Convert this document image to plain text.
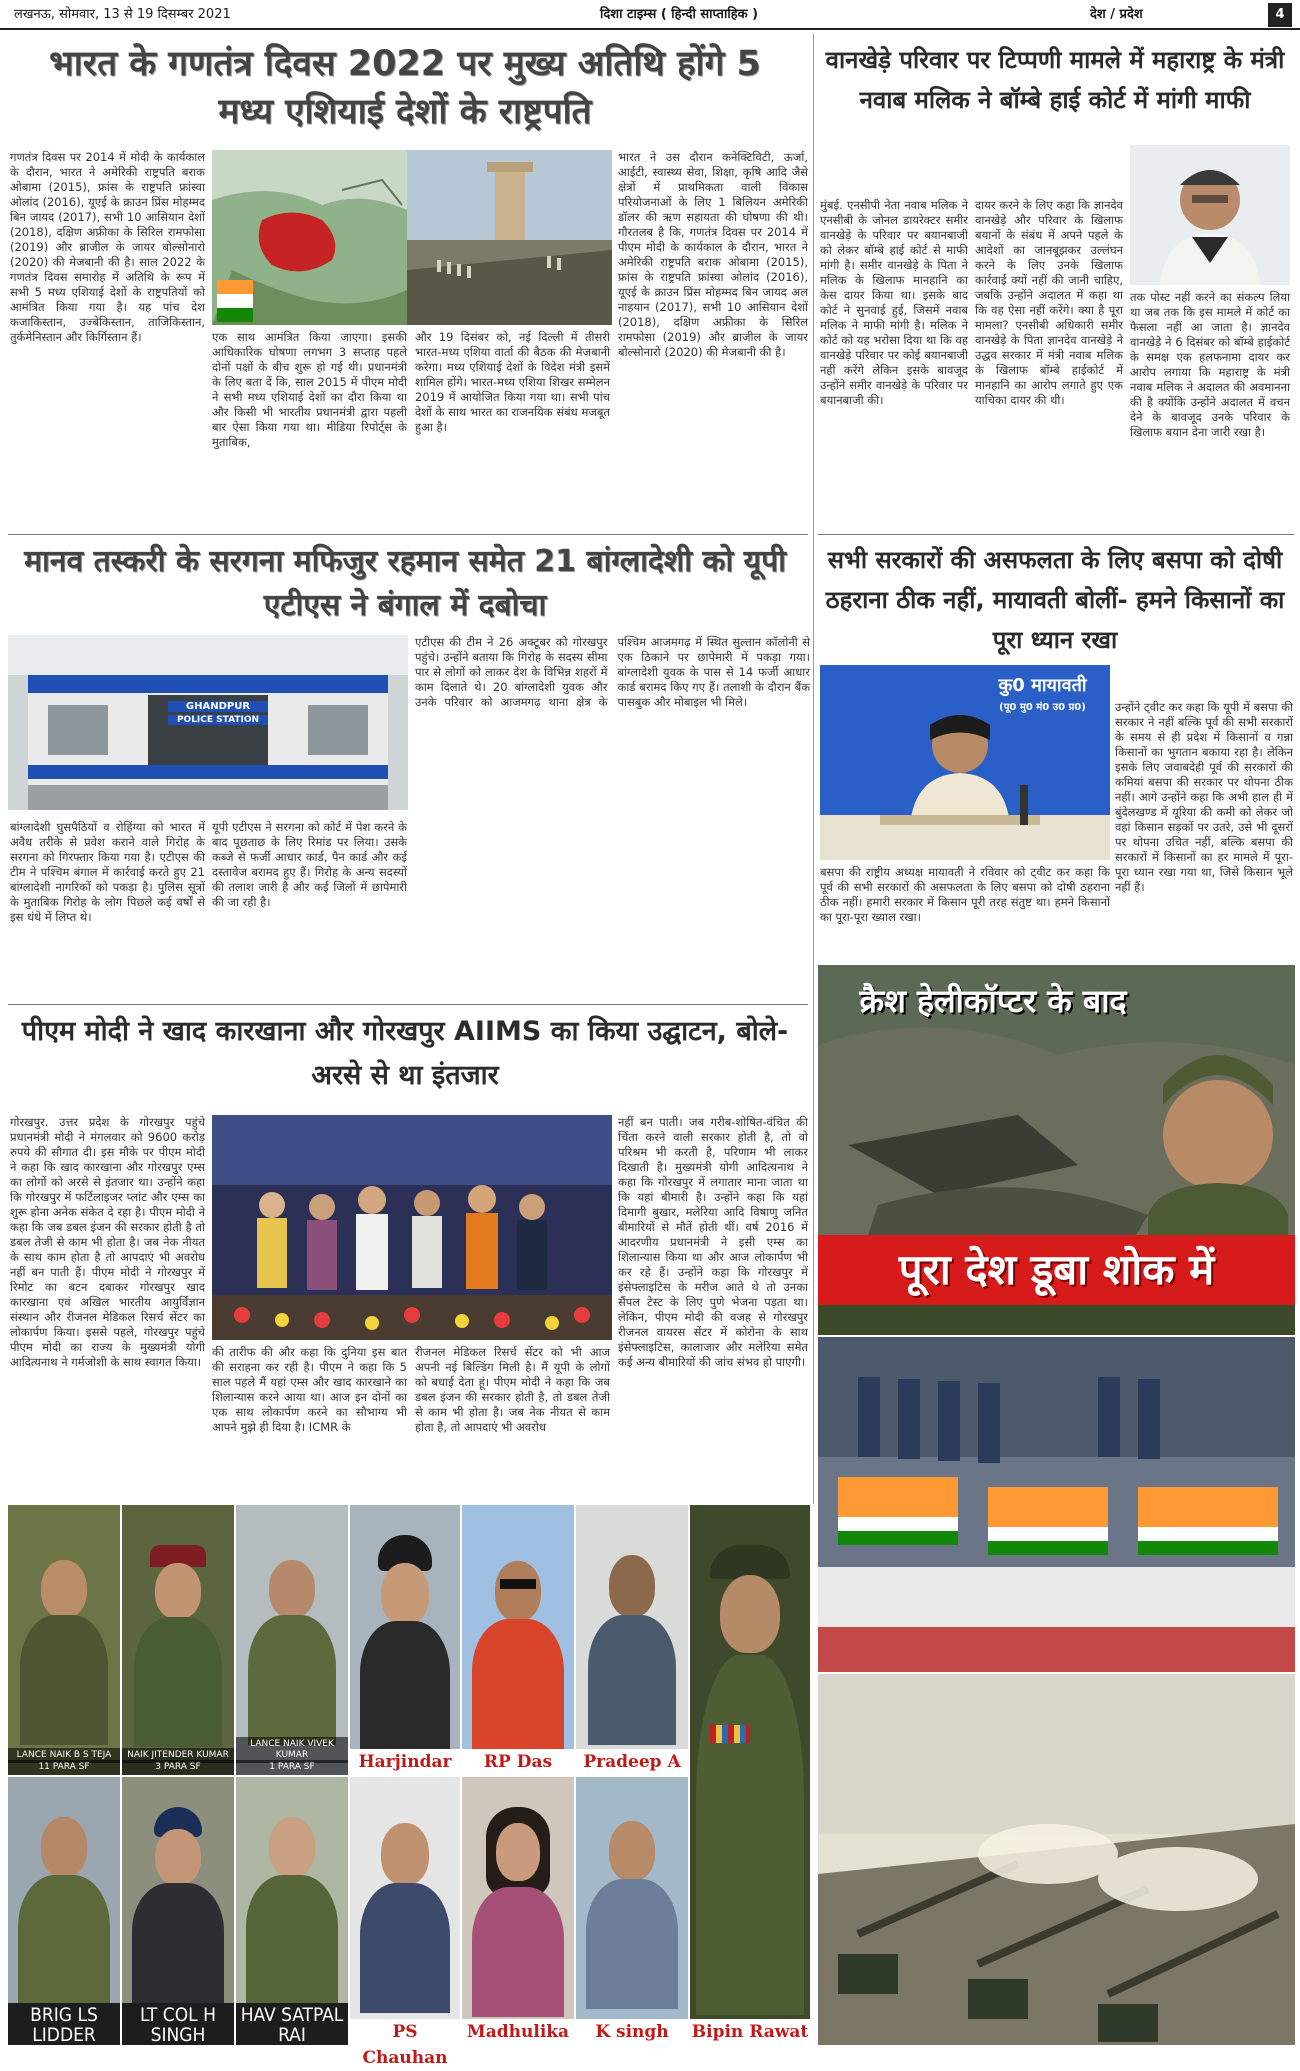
लखनऊ, सोमवार, 13 से 19 दिसम्बर 2021	दिशा टाइम्स ( हिन्दी साप्ताहिक )	देश / प्रदेश	4
भारत के गणतंत्र दिवस 2022 पर मुख्य अतिथि होंगे 5 मध्य एशियाई देशों के राष्ट्रपति
गणतंत्र दिवस पर 2014 में मोदी के कार्यकाल के दौरान, भारत ने अमेरिकी राष्ट्रपति बराक ओबामा (2015), फ्रांस के राष्ट्रपति फ्रांस्वा ओलांद (2016), यूएई के क्राउन प्रिंस मोहम्मद बिन जायद (2017), सभी 10 आसियान देशों (2018), दक्षिण अफ्रीका के सिरिल रामफोसा (2019) और ब्राजील के जायर बोल्सोनारो (2020) की मेजबानी की है। साल 2022 के गणतंत्र दिवस समारोह में अतिथि के रूप में सभी 5 मध्य एशियाई देशों के राष्ट्रपतियों को आमंत्रित किया गया है। यह पांच देश कजाकिस्तान, उज्बेकिस्तान, ताजिकिस्तान, तुर्कमेनिस्तान और किर्गिस्तान हैं।	एक साथ आमंत्रित किया जाएगा। इसकी आधिकारिक घोषणा लगभग 3 सप्ताह पहले दोनों पक्षों के बीच शुरू हो गई थी। प्रधानमंत्री के लिए बता दें कि, साल 2015 में पीएम मोदी ने सभी मध्य एशियाई देशों का दौरा किया था और किसी भी भारतीय प्रधानमंत्री द्वारा पहली बार ऐसा किया गया था। मीडिया रिपोर्ट्स के मुताबिक,
और 19 दिसंबर को, नई दिल्ली में तीसरी भारत-मध्य एशिया वार्ता की बैठक की मेजबानी करेगा। मध्य एशियाई देशों के विदेश मंत्री इसमें शामिल होंगे। भारत-मध्य एशिया शिखर सम्मेलन 2019 में आयोजित किया गया था। सभी पांच देशों के साथ भारत का राजनयिक संबंध मजबूत हुआ है।
भारत ने उस दौरान कनेक्टिविटी, ऊर्जा, आईटी, स्वास्थ्य सेवा, शिक्षा, कृषि आदि जैसे क्षेत्रों में प्राथमिकता वाली विकास परियोजनाओं के लिए 1 बिलियन अमेरिकी डॉलर की ऋण सहायता की घोषणा की थी। गौरतलब है कि, गणतंत्र दिवस पर 2014 में पीएम मोदी के कार्यकाल के दौरान, भारत ने अमेरिकी राष्ट्रपति बराक ओबामा (2015), फ्रांस के राष्ट्रपति फ्रांस्वा ओलांद (2016), यूएई के क्राउन प्रिंस मोहम्मद बिन जायद अल नाहयान (2017), सभी 10 आसियान देशों (2018), दक्षिण अफ्रीका के सिरिल रामफोसा (2019) और ब्राजील के जायर बोल्सोनारो (2020) की मेजबानी की है।
मानव तस्करी के सरगना मफिजुर रहमान समेत 21 बांग्लादेशी को यूपी एटीएस ने बंगाल में दबोचा
GHANDPUR
POLICE STATION
बांग्लादेशी घुसपैठियों व रोहिंग्या को भारत में अवैध तरीके से प्रवेश कराने वाले गिरोह के सरगना को गिरफ्तार किया गया है। एटीएस की टीम ने पश्चिम बंगाल में कार्रवाई करते हुए 21 बांग्लादेशी नागरिकों को पकड़ा है। पुलिस सूत्रों के मुताबिक गिरोह के लोग पिछले कई वर्षों से इस धंधे में लिप्त थे।
यूपी एटीएस ने सरगना को कोर्ट में पेश करने के बाद पूछताछ के लिए रिमांड पर लिया। उसके कब्जे से फर्जी आधार कार्ड, पैन कार्ड और कई दस्तावेज बरामद हुए हैं। गिरोह के अन्य सदस्यों की तलाश जारी है और कई जिलों में छापेमारी की जा रही है।
एटीएस की टीम ने 26 अक्टूबर को गोरखपुर पहुंचे। उन्होंने बताया कि गिरोह के सदस्य सीमा पार से लोगों को लाकर देश के विभिन्न शहरों में काम दिलाते थे। 20 बांग्लादेशी युवक और उनके परिवार को आजमगढ़ थाना क्षेत्र के पश्चिम आजमगढ़ में स्थित सुल्तान कॉलोनी से एक ठिकाने पर छापेमारी में पकड़ा गया। बांग्लादेशी युवक के पास से 14 फर्जी आधार कार्ड बरामद किए गए हैं। तलाशी के दौरान बैंक पासबुक और मोबाइल भी मिले।
पीएम मोदी ने खाद कारखाना और गोरखपुर AIIMS का किया उद्घाटन, बोले- अरसे से था इंतजार
गोरखपुर. उत्तर प्रदेश के गोरखपुर पहुंचे प्रधानमंत्री मोदी ने मंगलवार को 9600 करोड़ रुपये की सौगात दी। इस मौके पर पीएम मोदी ने कहा कि खाद कारखाना और गोरखपुर एम्स का लोगों को अरसे से इंतजार था। उन्होंने कहा कि गोरखपुर में फर्टिलाइजर प्लांट और एम्स का शुरू होना अनेक संकेत दे रहा है। पीएम मोदी ने कहा कि जब डबल इंजन की सरकार होती है तो डबल तेजी से काम भी होता है। जब नेक नीयत के साथ काम होता है तो आपदाएं भी अवरोध नहीं बन पाती हैं। पीएम मोदी ने गोरखपुर में रिमोट का बटन दबाकर गोरखपुर खाद कारखाना एवं अखिल भारतीय आयुर्विज्ञान संस्थान और रीजनल मेडिकल रिसर्च सेंटर का लोकार्पण किया। इससे पहले, गोरखपुर पहुंचे पीएम मोदी का राज्य के मुख्यमंत्री योगी आदित्यनाथ ने गर्मजोशी के साथ स्वागत किया।
की तारीफ की और कहा कि दुनिया इस बात की सराहना कर रही है। पीएम ने कहा कि 5 साल पहले मैं यहां एम्स और खाद कारखाने का शिलान्यास करने आया था। आज इन दोनों का एक साथ लोकार्पण करने का सौभाग्य भी आपने मुझे ही दिया है। ICMR के
रीजनल मेडिकल रिसर्च सेंटर को भी आज अपनी नई बिल्डिंग मिली है। मैं यूपी के लोगों को बधाई देता हूं। पीएम मोदी ने कहा कि जब डबल इंजन की सरकार होती है, तो डबल तेजी से काम भी होता है। जब नेक नीयत से काम होता है, तो आपदाएं भी अवरोध
नहीं बन पाती। जब गरीब-शोषित-वंचित की चिंता करने वाली सरकार होती है, तो वो परिश्रम भी करती है, परिणाम भी लाकर दिखाती है। मुख्यमंत्री योगी आदित्यनाथ ने कहा कि गोरखपुर में लगातार माना जाता था कि यहां बीमारी है। उन्होंने कहा कि यहां दिमागी बुखार, मलेरिया आदि विषाणु जनित बीमारियों से मौतें होती थीं। वर्ष 2016 में आदरणीय प्रधानमंत्री ने इसी एम्स का शिलान्यास किया था और आज लोकार्पण भी कर रहे हैं। उन्होंने कहा कि गोरखपुर में इंसेफ्लाइटिस के मरीज आते थे तो उनका सैंपल टेस्ट के लिए पुणे भेजना पड़ता था। लेकिन, पीएम मोदी की वजह से गोरखपुर रीजनल वायरस सेंटर में कोरोना के साथ इंसेफ्लाइटिस, कालाजार और मलेरिया समेत कई अन्य बीमारियों की जांच संभव हो पाएगी।
LANCE NAIK B S TEJA
11 PARA SF
NAIK JITENDER KUMAR
3 PARA SF
LANCE NAIK VIVEK KUMAR
1 PARA SF	Harjindar	RP Das	Pradeep A
Bipin Rawat
BRIG LS LIDDER
LT COL H SINGH
HAV SATPAL RAI	PS Chauhan
Madhulika	K singh
वानखेड़े परिवार पर टिप्पणी मामले में महाराष्ट्र के मंत्री नवाब मलिक ने बॉम्बे हाई कोर्ट में मांगी माफी
मुंबई. एनसीपी नेता नवाब मलिक ने एनसीबी के जोनल डायरेक्टर समीर वानखेड़े के परिवार पर बयानबाजी को लेकर बॉम्बे हाई कोर्ट से माफी मांगी है। समीर वानखेड़े के पिता ने मलिक के खिलाफ मानहानि का केस दायर किया था। इसके बाद कोर्ट ने सुनवाई हुई, जिसमें नवाब मलिक ने माफी मांगी है। मलिक ने कोर्ट को यह भरोसा दिया था कि वह वानखेड़े परिवार पर कोई बयानबाजी नहीं करेंगे लेकिन इसके बावजूद उन्होंने समीर वानखेड़े के परिवार पर बयानबाजी की।
दायर करने के लिए कहा कि ज्ञानदेव वानखेड़े और परिवार के खिलाफ बयानों के संबंध में अपने पहले के आदेशों का जानबूझकर उल्लंघन करने के लिए उनके खिलाफ कार्रवाई क्यों नहीं की जानी चाहिए, जबकि उन्होंने अदालत में कहा था कि वह ऐसा नहीं करेंगे। क्या है पूरा मामला? एनसीबी अधिकारी समीर वानखेड़े के पिता ज्ञानदेव वानखेड़े ने उद्धव सरकार में मंत्री नवाब मलिक के खिलाफ बॉम्बे हाईकोर्ट में मानहानि का आरोप लगाते हुए एक याचिका दायर की थी।
तक पोस्ट नहीं करने का संकल्प लिया था जब तक कि इस मामले में कोर्ट का फैसला नहीं आ जाता है। ज्ञानदेव वानखेड़े ने 6 दिसंबर को बॉम्बे हाईकोर्ट के समक्ष एक हलफनामा दायर कर आरोप लगाया कि महाराष्ट्र के मंत्री नवाब मलिक ने अदालत की अवमानना की है क्योंकि उन्होंने अदालत में वचन देने के बावजूद उनके परिवार के खिलाफ बयान देना जारी रखा है।
सभी सरकारों की असफलता के लिए बसपा को दोषी ठहराना ठीक नहीं, मायावती बोलीं- हमने किसानों का पूरा ध्यान रखा
कु0 मायावती
(पू0 मु0 मं0 उ0 प्र0)	उन्होंने ट्वीट कर कहा कि यूपी में बसपा की सरकार ने नहीं बल्कि पूर्व की सभी सरकारों के समय से ही प्रदेश में किसानों व गन्ना किसानों का भुगतान बकाया रहा है। लेकिन इसके लिए जवाबदेही पूर्व की सरकारों की कमियां बसपा की सरकार पर थोपना ठीक नहीं। आगे उन्होंने कहा कि अभी हाल ही में बुंदेलखण्ड में यूरिया की कमी को लेकर जो वहां किसान सड़कों पर उतरे, उसे भी दूसरों पर थोपना उचित नहीं, बल्कि बसपा की सरकारों में किसानों का हर मामले में पूरा-पूरा ध्यान रखा गया था, जिसे किसान भूले नहीं हैं।
बसपा की राष्ट्रीय अध्यक्ष मायावती ने रविवार को ट्वीट कर कहा कि पूर्व की सभी सरकारों की असफलता के लिए बसपा को दोषी ठहराना ठीक नहीं। हमारी सरकार में किसान पूरी तरह संतुष्ट था। हमने किसानों का पूरा-पूरा ख्याल रखा।
क्रैश हेलीकॉप्टर के बाद
पूरा देश डूबा शोक में
